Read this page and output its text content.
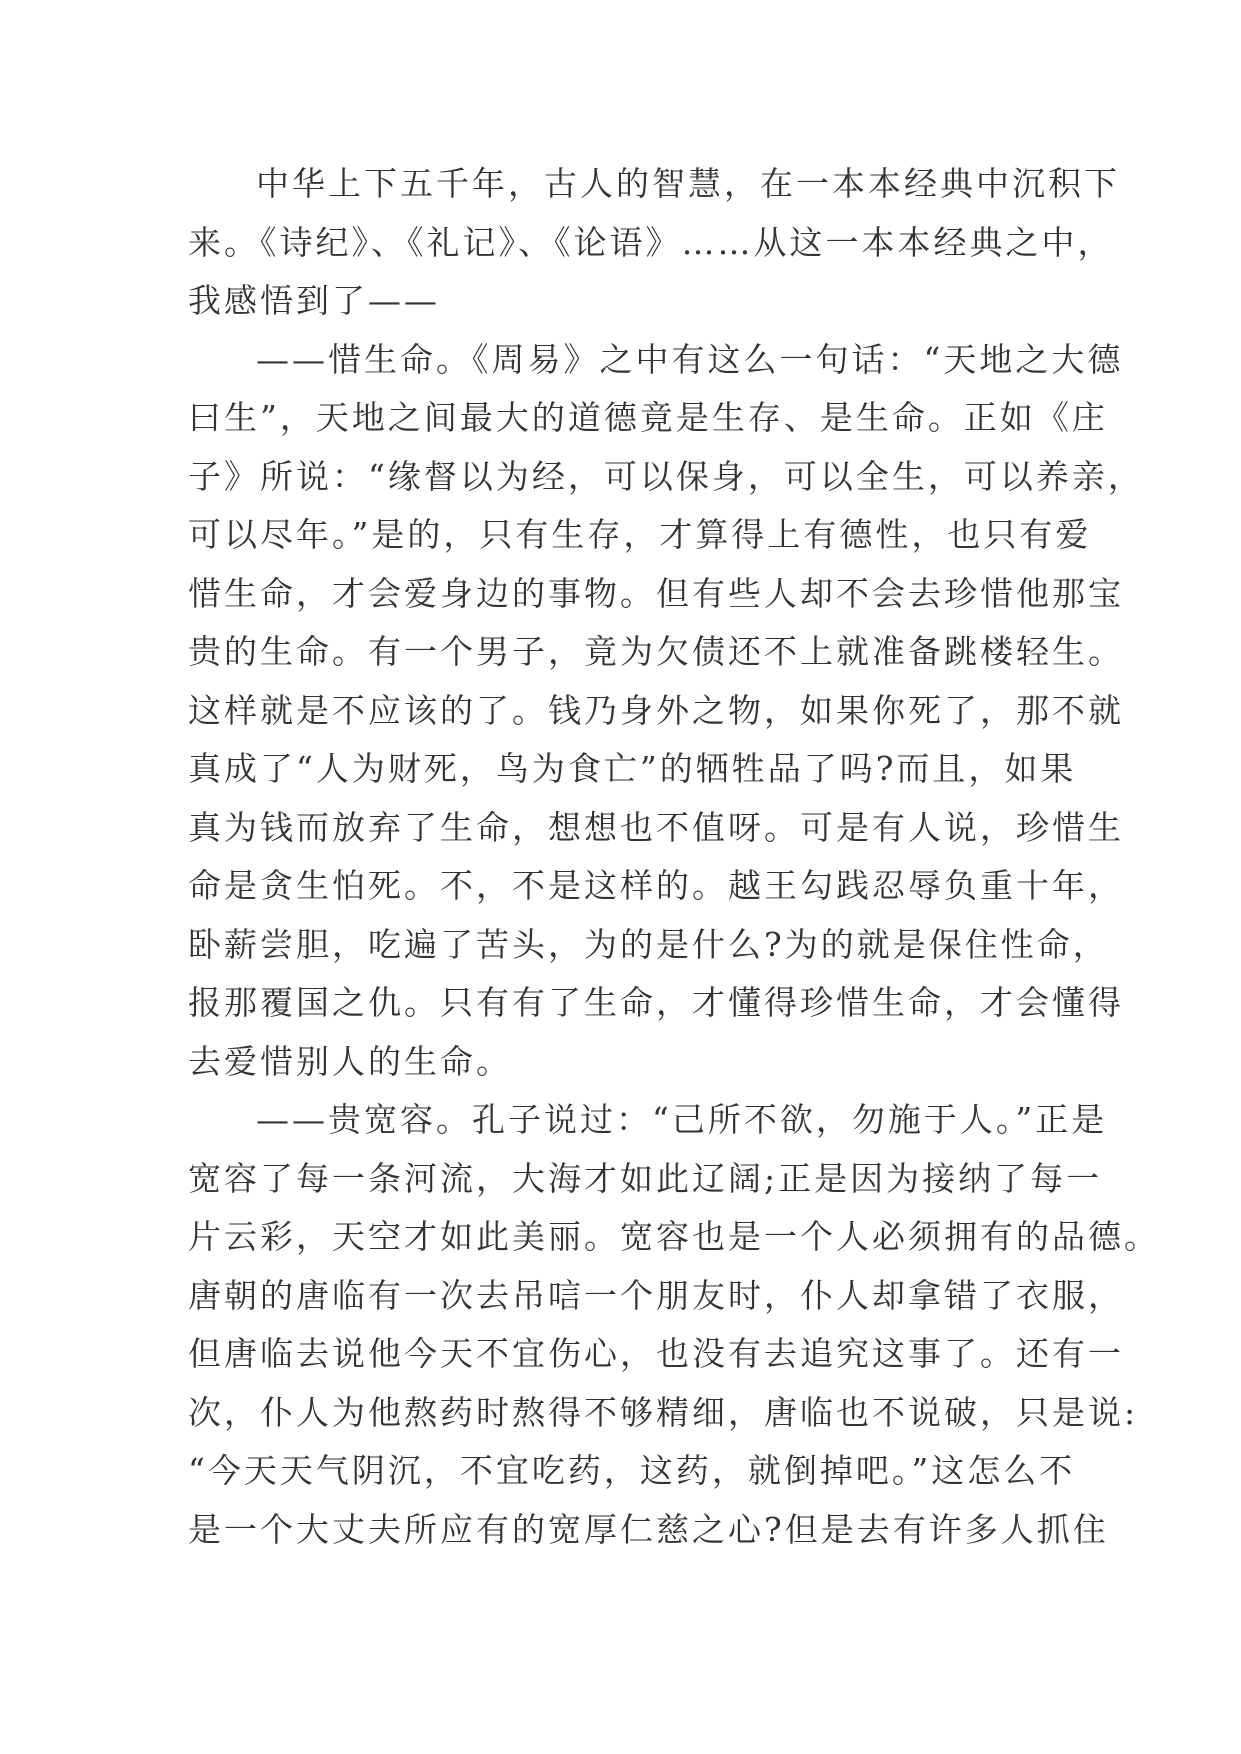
中华上下五千年，古人的智慧，在一本本经典中沉积下
来。《诗纪》、《礼记》、《论语》……从这一本本经典之中，
我感悟到了——
——惜生命。《周易》之中有这么一句话：“天地之大德
曰生”，天地之间最大的道德竟是生存、是生命。正如《庄
子》所说：“缘督以为经，可以保身，可以全生，可以养亲，
可以尽年。”是的，只有生存，才算得上有德性，也只有爱
惜生命，才会爱身边的事物。但有些人却不会去珍惜他那宝
贵的生命。有一个男子，竟为欠债还不上就准备跳楼轻生。
这样就是不应该的了。钱乃身外之物，如果你死了，那不就
真成了“人为财死，鸟为食亡”的牺牲品了吗?而且，如果
真为钱而放弃了生命，想想也不值呀。可是有人说，珍惜生
命是贪生怕死。不，不是这样的。越王勾践忍辱负重十年，
卧薪尝胆，吃遍了苦头，为的是什么?为的就是保住性命，
报那覆国之仇。只有有了生命，才懂得珍惜生命，才会懂得
去爱惜别人的生命。
——贵宽容。孔子说过：“己所不欲，勿施于人。”正是
宽容了每一条河流，大海才如此辽阔;正是因为接纳了每一
片云彩，天空才如此美丽。宽容也是一个人必须拥有的品德。
唐朝的唐临有一次去吊唁一个朋友时，仆人却拿错了衣服，
但唐临去说他今天不宜伤心，也没有去追究这事了。还有一
次，仆人为他熬药时熬得不够精细，唐临也不说破，只是说:
“今天天气阴沉，不宜吃药，这药，就倒掉吧。”这怎么不
是一个大丈夫所应有的宽厚仁慈之心?但是去有许多人抓住
